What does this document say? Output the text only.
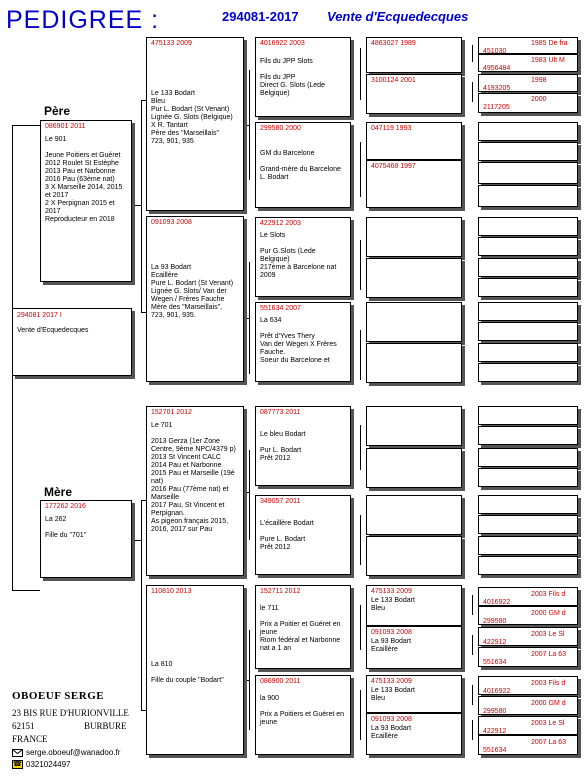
PEDIGREE :	294081-2017 Vente d'Ecquedecques
294081 2017 I
Vente d'Ecquedecques
Père
086901 2011
Le 901

Jeune Poitiers et Guéret
2012 Roulet St Estèphe
2013 Pau et Narbonne
2016 Pau (63ème nat)
3 X Marseille 2014, 2015 et 2017
2 X Perpignan 2015 et 2017
Reproducteur en 2018
Mère
177262 2016
La 262

Fille du "701"
475133 2009
Le 133 Bodart
Bleu
Pur L. Bodart (St Venant)
Lignée G. Slots (Belgique) X R. Tantart
Père des "Marseillais"
723, 901, 935
091093 2008
La 93 Bodart
Ecaillère
Pure L. Bodart (St Venant)
Lignée G. Slots/ Van der Wegen / Frères Fauche
Mère des "Marseillais",
723, 901, 935.
152701 2012
Le 701

2013 Gerza (1er Zone Centre, 9ème NPC/4379 p)
2013 St Vincent CALC
2014 Pau et Narbonne
2015 Pau et Marseille (19è nat)
2016 Pau (77ème nat) et Marseille
2017 Pau, St Vincent et Perpignan.
As pigeon français 2015, 2016, 2017 sur Pau
110810 2013
La 810

Fille du couple "Bodart"
4016922 2003
Fils du JPP Slots

Fils du JPP
Direct G. Slots (Lede Belgique)
299580 2000
GM du Barcelone

Grand-mère du Barcelone L. Bodart
422912 2003
Le Slots

Pur G.Slots (Lede Belgique)
217ème à Barcelone nat 2009
551634 2007
La 634

Prêt d'Yves Thery
Van der Wegen X Frères Fauche.
Soeur du Barcelone et
087773 2011
Le bleu Bodart

Pur L. Bodart
Prêt 2012
349057 2011
L'écaillère Bodart

Pure L. Bodart
Prêt 2012
152711 2012
le 711

Prix a Poitier et Guéret en jeune
Riom fédéral et Narbonne nat a 1 an
086900 2011
la 900

Prix a Poitiers et Guéret en jeune
4863027 1989
3100124 2001
047119 1993
4075468 1997
475133 2009
Le 133 Bodart
Bleu
091093 2008
La 93 Bodart
Ecaillère
475133 2009
Le 133 Bodart
Bleu
091093 2008
La 93 Bodart
Ecaillère
451030
1985 De fra
4956484
1983 Ult M
4193205
1998
2117205
2000
4016922
2003 Fils d
299580
2000 GM d
422912
2003 Le Sl
551634
2007 La 63
4016922
2003 Fils d
299580
2000 GM d
422912
2003 Le Sl
551634
2007 La 63
OBOEUF SERGE
23 BIS RUE D'HURIONVILLE
62151	BURBURE
FRANCE
serge.oboeuf@wanadoo.fr
☎ 0321024497
